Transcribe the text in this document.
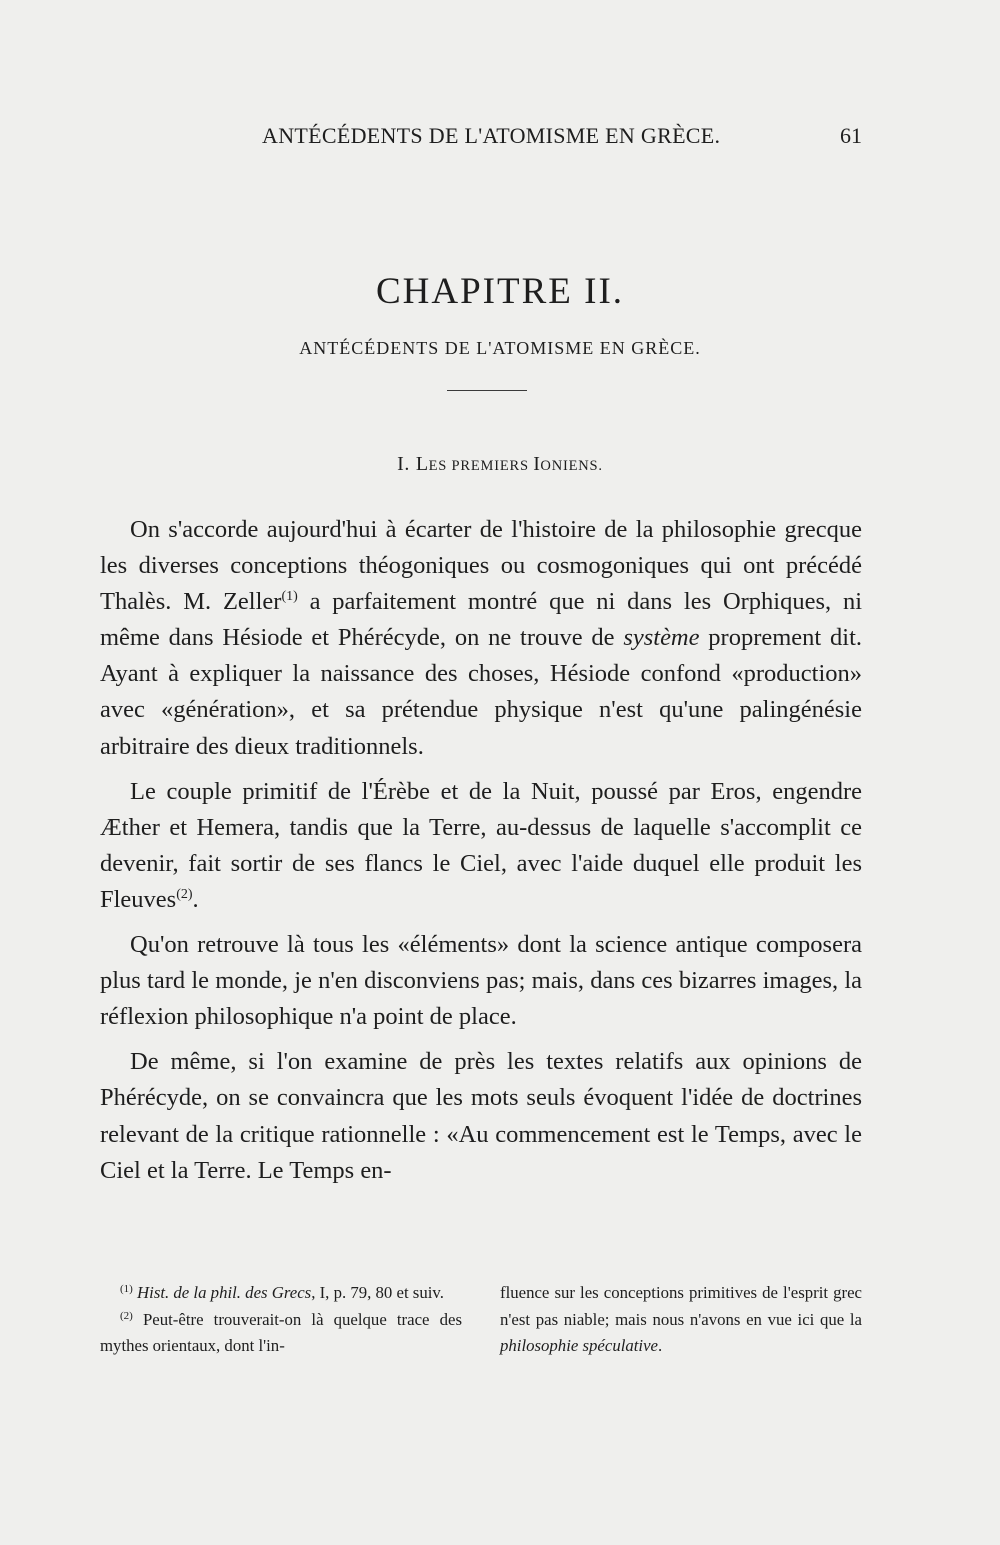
ANTÉCÉDENTS DE L'ATOMISME EN GRÈCE.	61
CHAPITRE II.
ANTÉCÉDENTS DE L'ATOMISME EN GRÈCE.
I. LES PREMIERS IONIENS.

On s'accorde aujourd'hui à écarter de l'histoire de la philosophie grecque les diverses conceptions théogoniques ou cosmogoniques qui ont précédé Thalès. M. Zeller$^{(1)}$ a parfaitement montré que ni dans les Orphiques, ni même dans Hésiode et Phérécyde, on ne trouve de système proprement dit. Ayant à expliquer la naissance des choses, Hésiode confond «production» avec «génération», et sa prétendue physique n'est qu'une palingénésie arbitraire des dieux traditionnels.

Le couple primitif de l'Érèbe et de la Nuit, poussé par Eros, engendre Æther et Hemera, tandis que la Terre, au-dessus de laquelle s'accomplit ce devenir, fait sortir de ses flancs le Ciel, avec l'aide duquel elle produit les Fleuves$^{(2)}$.

Qu'on retrouve là tous les «éléments» dont la science antique composera plus tard le monde, je n'en disconviens pas; mais, dans ces bizarres images, la réflexion philosophique n'a point de place.

De même, si l'on examine de près les textes relatifs aux opinions de Phérécyde, on se convaincra que les mots seuls évoquent l'idée de doctrines relevant de la critique rationnelle : «Au commencement est le Temps, avec le Ciel et la Terre. Le Temps en-

$^{(1)}$ Hist. de la phil. des Grecs, I, p. 79, 80 et suiv.

$^{(2)}$ Peut-être trouverait-on là quelque trace des mythes orientaux, dont l'in-

fluence sur les conceptions primitives de l'esprit grec n'est pas niable; mais nous n'avons en vue ici que la philosophie spéculative.
